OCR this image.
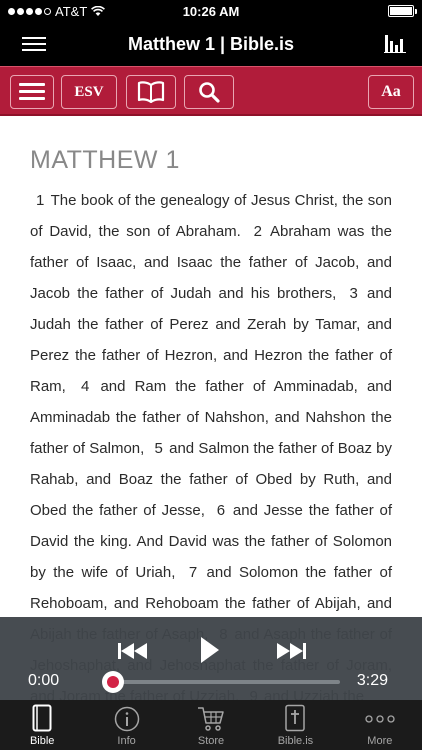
AT&T	10:26 AM
Matthew 1 | Bible.is
ESV	Aa
MATTHEW 1
1 The book of the genealogy of Jesus Christ, the son of David, the son of Abraham. 2 Abraham was the father of Isaac, and Isaac the father of Jacob, and Jacob the father of Judah and his brothers, 3 and Judah the father of Perez and Zerah by Tamar, and Perez the father of Hezron, and Hezron the father of Ram, 4 and Ram the father of Amminadab, and Amminadab the father of Nahshon, and Nahshon the father of Salmon, 5 and Salmon the father of Boaz by Rahab, and Boaz the father of Obed by Ruth, and Obed the father of Jesse, 6 and Jesse the father of David the king. And David was the father of Solomon by the wife of Uriah, 7 and Solomon the father of Rehoboam, and Rehoboam the father of Abijah, and
0:00	3:29
Bible	Info	Store	Bible.is	More
